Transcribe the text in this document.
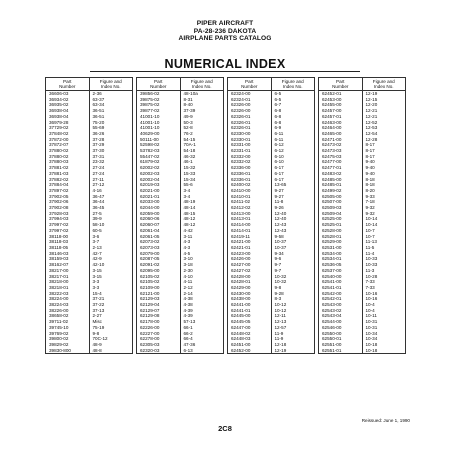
PIPER AIRCRAFT
PA-28-236 DAKOTA
AIRPLANE PARTS CATALOG
NUMERICAL INDEX
Part
Number	Figure and
Index No.
36606-03	2-36
36934-02	63-37
36935-02	63-34
36938-04	36-51
36938-04	36-51
36979-28	75-20
37729-02	55-69
37848-02	36-26
37872-00	37-28
37872-07	37-29
37880-02	37-30
37880-02	37-31
37880-03	23-32
37881-02	27-24
37881-03	27-24
37882-02	27-11
37884-04	27-12
37897-02	4-16
37902-05	36-47
37902-06	36-44
37902-08	36-45
37928-03	27-5
37994-03	39-9
37997-02	58-10
37997-02	60-5
38118-00	3-6
38118-03	3-7
38118-05	2-13
38146-03	42-7
38159-03	42-9
38162-07	42-10
38217-00	3-15
38217-01	3-15
38218-00	3-3
38218-01	3-3
38222-03	15-4
38224-00	37-21
38224-03	37-22
38226-00	37-13
38658-02	2-27
39711-02	Misc
39745-10	75-19
39769-02	9-8
39800-02	70C-12
39829-02	48-9
39830-800	48-8
Part
Number	Figure and
Index No.
39856-02	48-10a
39875-02	8-31
39875-02	8-40
39877-02	37-39
41001-10	49-9
41001-10	50-3
41001-10	52-8
40629-00	76-2
50111-00	54-15
52598-02	70A-1
53782-03	54-18
55447-02	46-32
61879-02	46-1
62002-02	15-32
62002-03	15-33
62002-04	15-34
62019-03	55-6
62021-00	3-4
62021-01	3-4
62033-00	48-19
62044-00	48-14
62059-00	48-15
62060-06	48-12
62060-07	48-12
62061-04	4-42
62061-05	3-11
62073-02	4-3
62073-03	4-3
62079-00	4-5
62087-05	3-10
62091-02	3-18
62095-00	2-30
62105-02	4-10
62105-02	4-11
62109-00	2-12
62121-00	2-14
62129-03	4-38
62129-04	4-38
62129-07	4-39
62129-08	4-39
62178-00	57-13
62226-00	66-1
62227-00	66-2
62278-00	66-4
62305-03	47-36
62320-03	6-13
Part
Number	Figure and
Index No.
62324-00	6-5
62324-01	6-5
62326-00	6-7
62326-00	6-8
62326-01	6-8
62326-01	6-8
62326-01	6-9
62330-00	6-11
62330-01	6-11
62331-00	6-12
62331-01	6-12
62332-00	6-10
62332-02	6-10
62336-00	6-17
62336-01	6-17
62336-01	6-17
62400-02	13-65
62410-00	9-27
62410-01	9-27
62411-02	11-8
62412-02	9-26
62413-00	12-40
62413-01	12-40
62414-00	12-43
62414-01	12-43
62419-11	9-58
62421-00	10-37
62421-01	10-37
62423-00	9-34
62426-00	9-6
62427-00	9-7
62427-02	9-7
62428-00	10-32
62428-01	10-32
62429-00	9-8
62430-00	9-28
62438-00	8-3
62441-00	10-12
62441-01	10-12
62445-00	12-11
62445-05	12-13
62447-00	12-57
62448-02	11-9
62448-03	11-9
62451-00	12-18
62452-00	12-19
Part
Number	Figure and
Index No.
62452-01	12-19
62453-00	12-15
62455-00	12-20
62457-00	12-21
62457-01	12-21
62463-00	12-52
62464-00	12-53
62465-00	12-54
62471-00	12-28
62473-02	8-17
62473-03	8-17
62475-03	8-17
62477-00	9-40
62477-01	9-40
62483-02	9-40
62485-00	8-18
62485-01	8-18
62499-02	8-20
62505-00	9-33
62507-00	7-18
62509-03	9-32
62509-04	9-32
62525-00	10-14
62525-01	10-14
62528-00	10-7
62528-01	10-7
62529-00	11-13
62531-00	11-5
62534-00	11-4
62534-01	10-33
62536-05	10-33
62537-00	11-3
62540-00	10-28
62541-00	7-33
62541-01	7-33
62542-00	10-16
62542-01	10-16
62543-00	10-4
62543-02	10-4
62543-04	10-11
62544-00	10-31
62546-00	10-31
62550-00	10-34
62550-01	10-34
62551-00	10-18
62551-01	10-18
Reissued: June 1, 1990
2C8
